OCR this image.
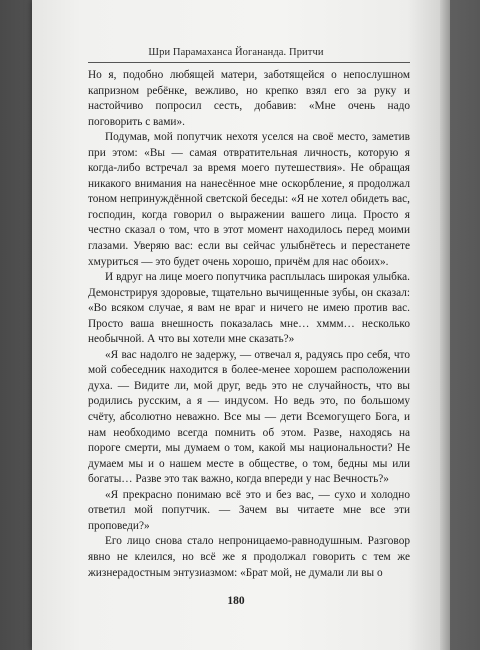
Шри Парамаханса Йогананда. Притчи

Но я, подобно любящей матери, заботящейся о непослушном капризном ребёнке, вежливо, но крепко взял его за руку и настойчиво попросил сесть, добавив: «Мне очень надо поговорить с вами».

Подумав, мой попутчик нехотя уселся на своё место, заметив при этом: «Вы — самая отвратительная личность, которую я когда-либо встречал за время моего путешествия». Не обращая никакого внимания на нанесённое мне оскорбление, я продолжал тоном непринуждённой светской беседы: «Я не хотел обидеть вас, господин, когда говорил о выражении вашего лица. Просто я честно сказал о том, что в этот момент находилось перед моими глазами. Уверяю вас: если вы сейчас улыбнётесь и перестанете хмуриться — это будет очень хорошо, причём для нас обоих».

И вдруг на лице моего попутчика расплылась широкая улыбка. Демонстрируя здоровые, тщательно вычищенные зубы, он сказал: «Во всяком случае, я вам не враг и ничего не имею против вас. Просто ваша внешность показалась мне… хммм… несколько необычной. А что вы хотели мне сказать?»

«Я вас надолго не задержу, — отвечал я, радуясь про себя, что мой собеседник находится в более-менее хорошем расположении духа. — Видите ли, мой друг, ведь это не случайность, что вы родились русским, а я — индусом. Но ведь это, по большому счёту, абсолютно неважно. Все мы — дети Всемогущего Бога, и нам необходимо всегда помнить об этом. Разве, находясь на пороге смерти, мы думаем о том, какой мы национальности? Не думаем мы и о нашем месте в обществе, о том, бедны мы или богаты… Разве это так важно, когда впереди у нас Вечность?»

«Я прекрасно понимаю всё это и без вас, — сухо и холодно ответил мой попутчик. — Зачем вы читаете мне все эти проповеди?»

Его лицо снова стало непроницаемо-равнодушным. Разговор явно не клеился, но всё же я продолжал говорить с тем же жизнерадостным энтузиазмом: «Брат мой, не думали ли вы о

180
